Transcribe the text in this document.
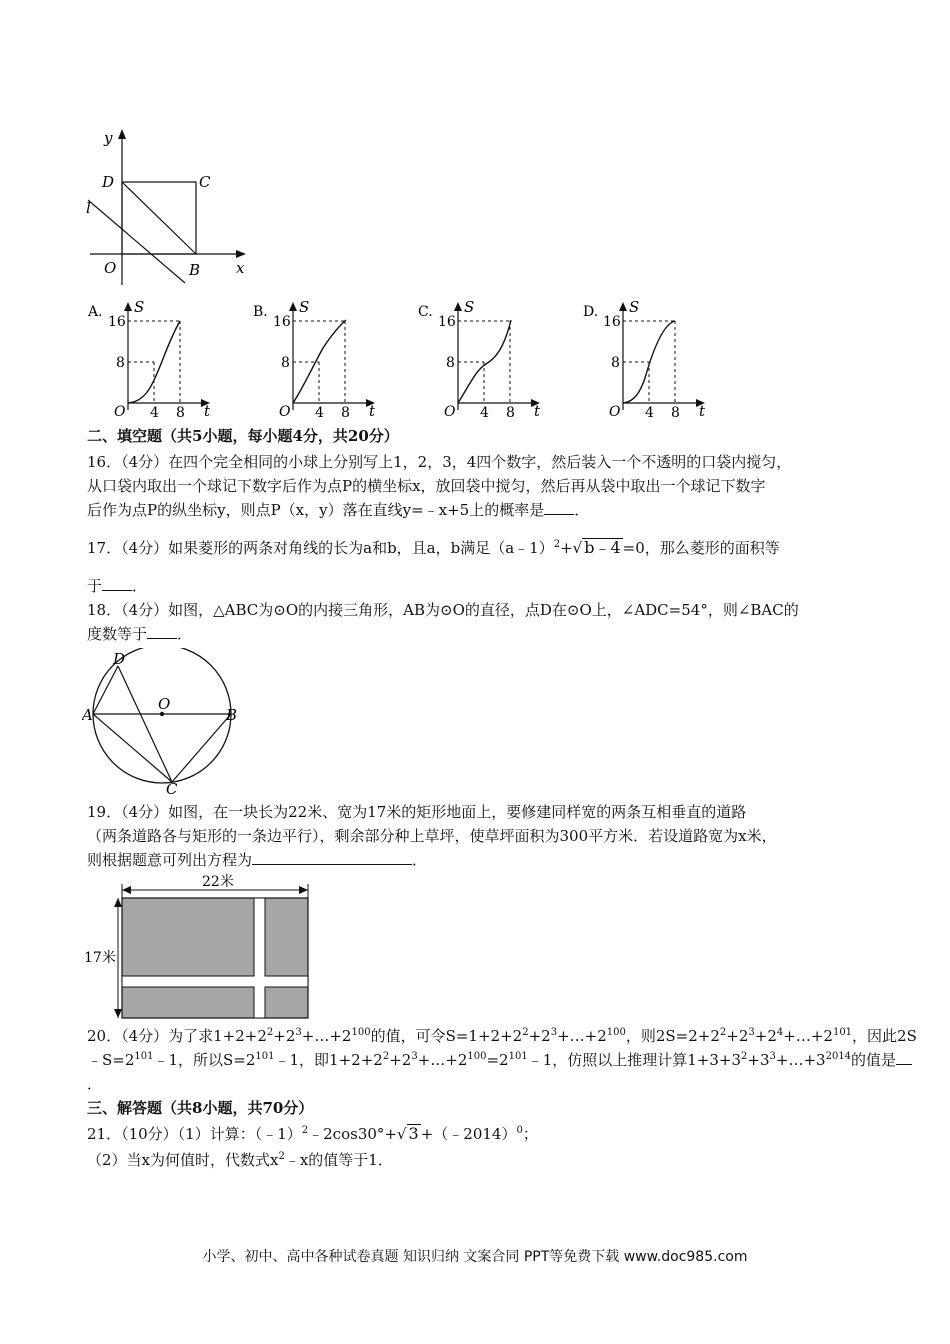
y
D	C
l
O	B x
A. S
16
8
O 4 8 t
B. S
16
8
O 4 8 t
C. S
16
8
O 4 8 t
D. S
16
8
O 4 8 t
二、填空题（共5小题，每小题4分，共20分）
16．（4分）在四个完全相同的小球上分别写上1，2，3，4四个数字，然后装入一个不透明的口袋内搅匀，
从口袋内取出一个球记下数字后作为点P的横坐标x，放回袋中搅匀，然后再从袋中取出一个球记下数字
后作为点P的纵坐标y，则点P（x，y）落在直线y=﹣x+5上的概率是 ．
17．（4分）如果菱形的两条对角线的长为a和b，且a，b满足（a﹣1）$^2$+√ b﹣4 =0，那么菱形的面积等
于 ．
18．（4分）如图，△ABC为⊙O的内接三角形，AB为⊙O的直径，点D在⊙O上，∠ADC=54°，则∠BAC的
度数等于 ．
D
O
A	B
C
19．（4分）如图，在一块长为22米、宽为17米的矩形地面上，要修建同样宽的两条互相垂直的道路
（两条道路各与矩形的一条边平行），剩余部分种上草坪，使草坪面积为300平方米．若设道路宽为x米，
则根据题意可列出方程为	．
22米
17米
20．（4分）为了求$1+2+2^2+2^3+\dots+2^{100}$的值，可令$S=1+2+2^2+2^3+\dots+2^{100}$，则$2S=2+2^2+2^3+2^4+\dots+2^{101}$，因此2S
$﹣S=2^{101}﹣1$，所以$S=2^{101}﹣1$，即$1+2+2^2+2^3+\dots+2^{100}=2^{101}﹣1$，仿照以上推理计算$1+3+3^2+3^3+\dots+3^{2014}$的值是
．
三、解答题（共8小题，共70分）
21．（10分）（1）计算：（﹣1）$^2$﹣2cos30°+√ 3 +（﹣2014）$^0$；
（2）当x为何值时，代数式$x^2﹣x$的值等于1．
小学、初中、高中各种试卷真题 知识归纳 文案合同 PPT等免费下载 www.doc985.com
